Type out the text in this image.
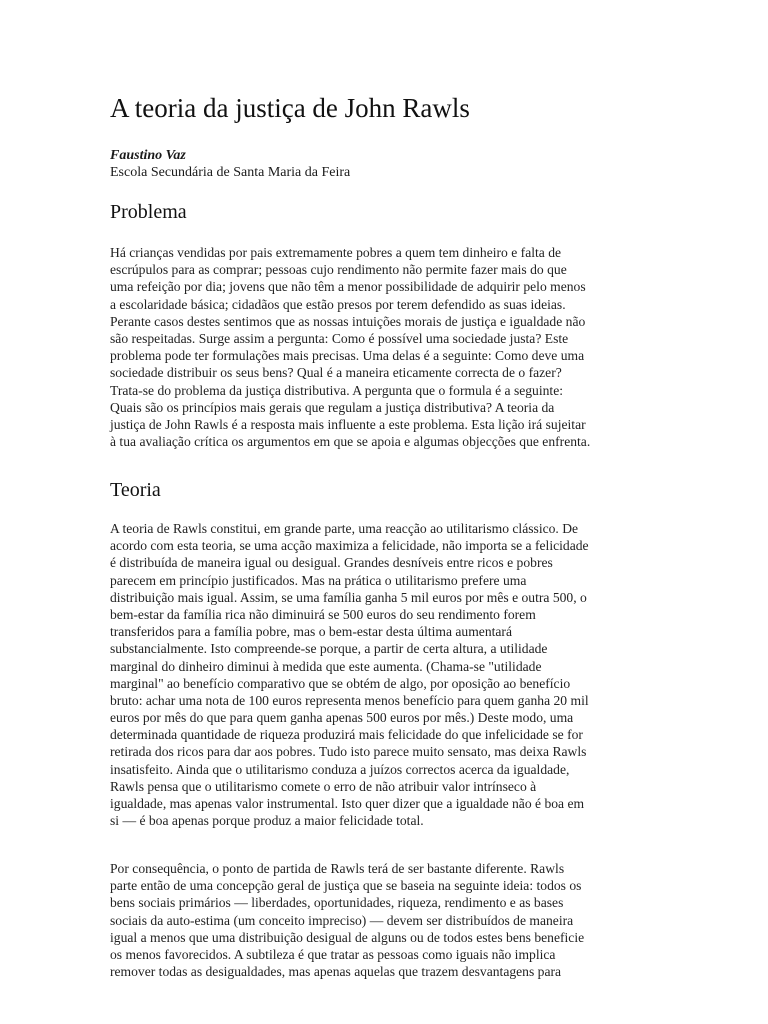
A teoria da justiça de John Rawls
Faustino Vaz
Escola Secundária de Santa Maria da Feira
Problema
Há crianças vendidas por pais extremamente pobres a quem tem dinheiro e falta de
escrúpulos para as comprar; pessoas cujo rendimento não permite fazer mais do que
uma refeição por dia; jovens que não têm a menor possibilidade de adquirir pelo menos
a escolaridade básica; cidadãos que estão presos por terem defendido as suas ideias.
Perante casos destes sentimos que as nossas intuições morais de justiça e igualdade não
são respeitadas. Surge assim a pergunta: Como é possível uma sociedade justa? Este
problema pode ter formulações mais precisas. Uma delas é a seguinte: Como deve uma
sociedade distribuir os seus bens? Qual é a maneira eticamente correcta de o fazer?
Trata-se do problema da justiça distributiva. A pergunta que o formula é a seguinte:
Quais são os princípios mais gerais que regulam a justiça distributiva? A teoria da
justiça de John Rawls é a resposta mais influente a este problema. Esta lição irá sujeitar
à tua avaliação crítica os argumentos em que se apoia e algumas objecções que enfrenta.
Teoria
A teoria de Rawls constitui, em grande parte, uma reacção ao utilitarismo clássico. De
acordo com esta teoria, se uma acção maximiza a felicidade, não importa se a felicidade
é distribuída de maneira igual ou desigual. Grandes desníveis entre ricos e pobres
parecem em princípio justificados. Mas na prática o utilitarismo prefere uma
distribuição mais igual. Assim, se uma família ganha 5 mil euros por mês e outra 500, o
bem-estar da família rica não diminuirá se 500 euros do seu rendimento forem
transferidos para a família pobre, mas o bem-estar desta última aumentará
substancialmente. Isto compreende-se porque, a partir de certa altura, a utilidade
marginal do dinheiro diminui à medida que este aumenta. (Chama-se "utilidade
marginal" ao benefício comparativo que se obtém de algo, por oposição ao benefício
bruto: achar uma nota de 100 euros representa menos benefício para quem ganha 20 mil
euros por mês do que para quem ganha apenas 500 euros por mês.) Deste modo, uma
determinada quantidade de riqueza produzirá mais felicidade do que infelicidade se for
retirada dos ricos para dar aos pobres. Tudo isto parece muito sensato, mas deixa Rawls
insatisfeito. Ainda que o utilitarismo conduza a juízos correctos acerca da igualdade,
Rawls pensa que o utilitarismo comete o erro de não atribuir valor intrínseco à
igualdade, mas apenas valor instrumental. Isto quer dizer que a igualdade não é boa em
si — é boa apenas porque produz a maior felicidade total.
Por consequência, o ponto de partida de Rawls terá de ser bastante diferente. Rawls
parte então de uma concepção geral de justiça que se baseia na seguinte ideia: todos os
bens sociais primários — liberdades, oportunidades, riqueza, rendimento e as bases
sociais da auto-estima (um conceito impreciso) — devem ser distribuídos de maneira
igual a menos que uma distribuição desigual de alguns ou de todos estes bens beneficie
os menos favorecidos. A subtileza é que tratar as pessoas como iguais não implica
remover todas as desigualdades, mas apenas aquelas que trazem desvantagens para
